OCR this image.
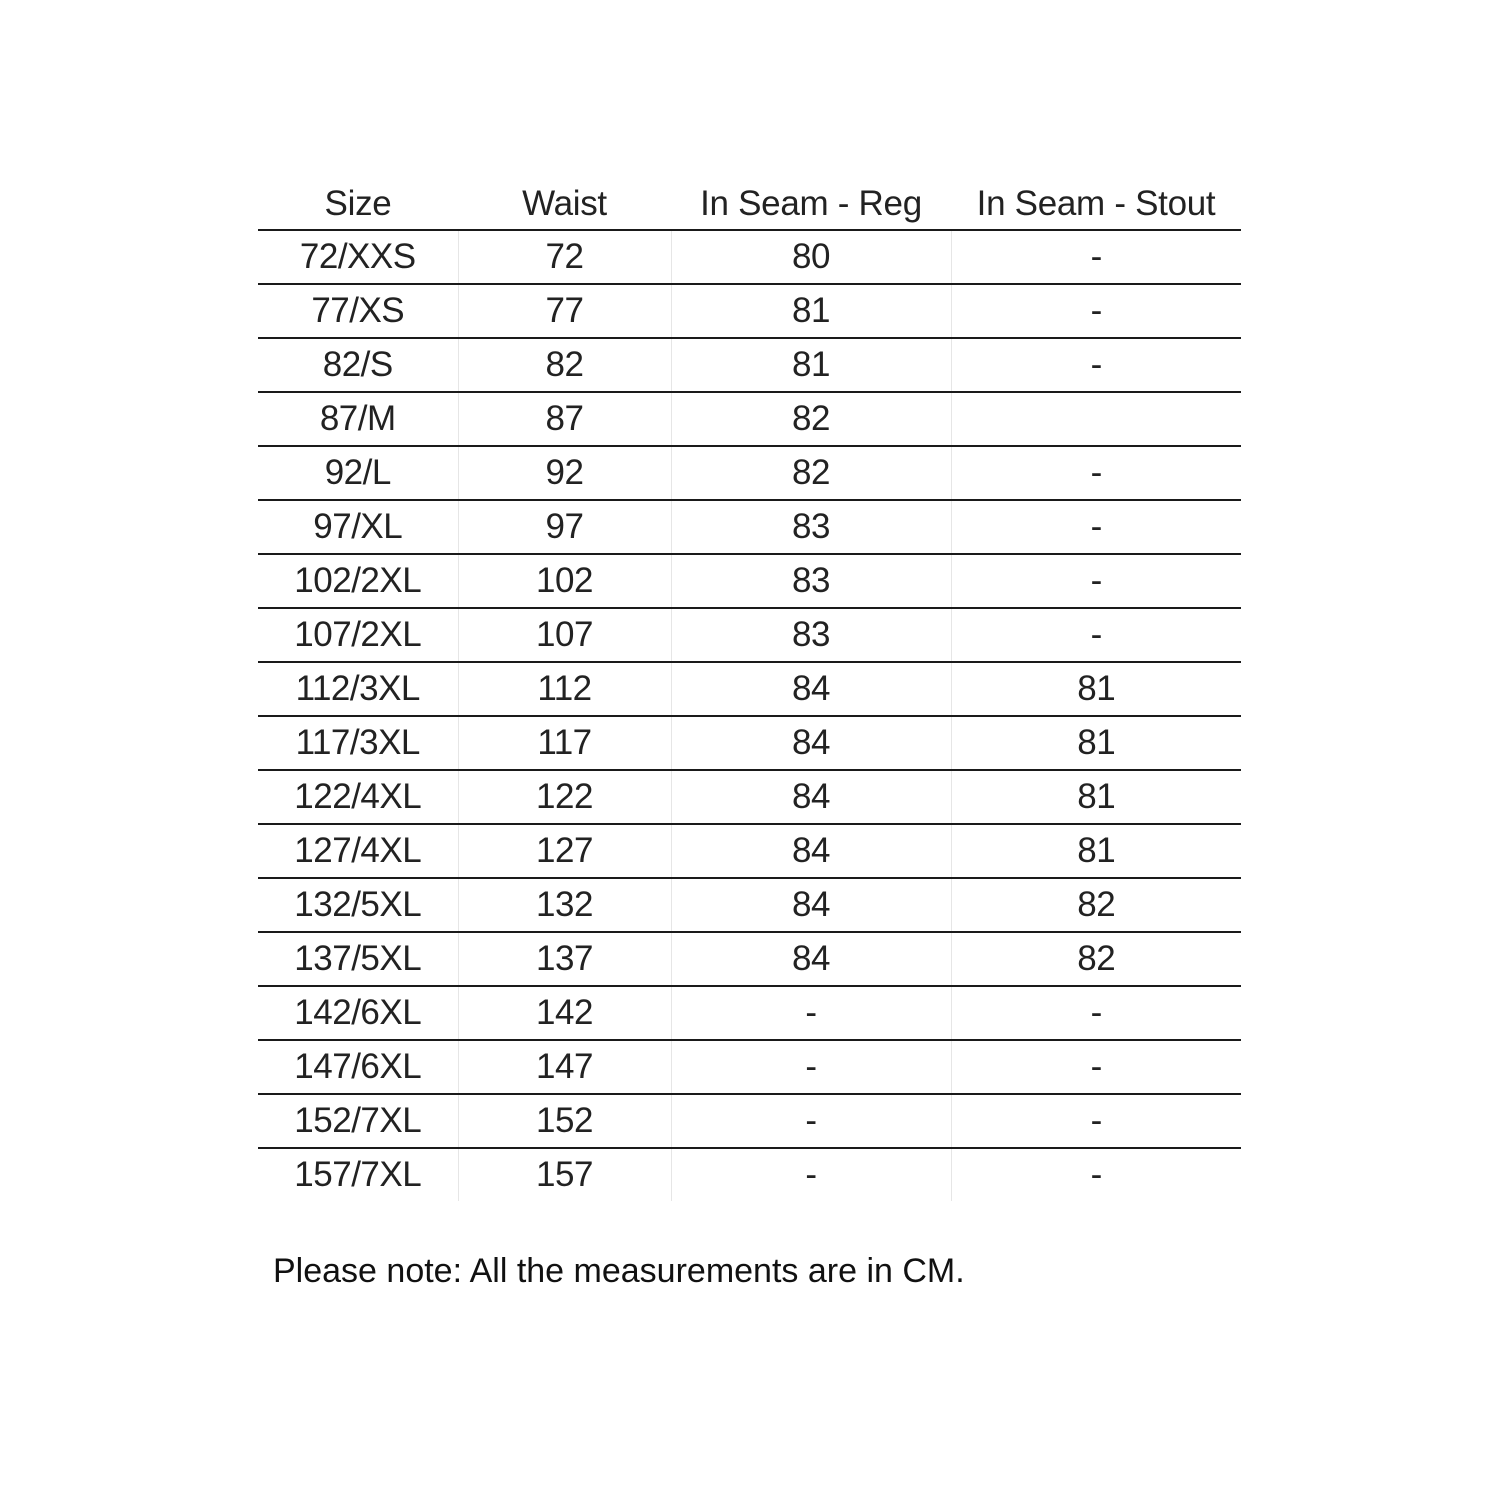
Size	Waist	In Seam - Reg	In Seam - Stout
72/XXS	72	80	-
77/XS	77	81	-
82/S	82	81	-
87/M	87	82	
92/L	92	82	-
97/XL	97	83	-
102/2XL	102	83	-
107/2XL	107	83	-
112/3XL	112	84	81
117/3XL	117	84	81
122/4XL	122	84	81
127/4XL	127	84	81
132/5XL	132	84	82
137/5XL	137	84	82
142/6XL	142	-	-
147/6XL	147	-	-
152/7XL	152	-	-
157/7XL	157	-	-
Please note: All the measurements are in CM.
